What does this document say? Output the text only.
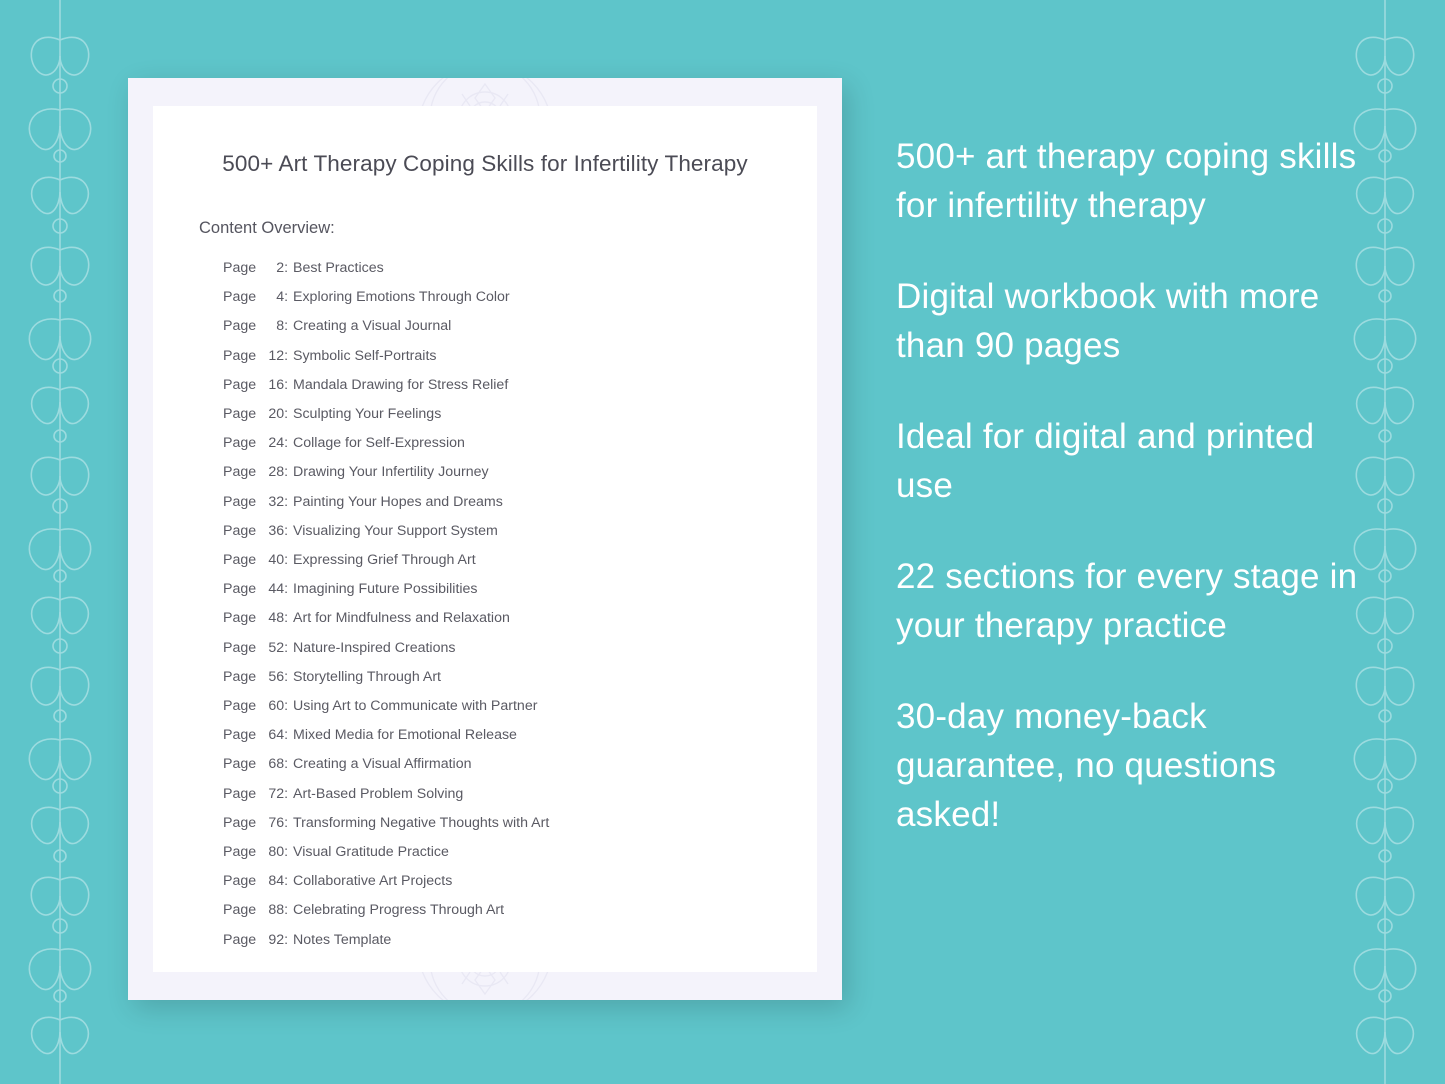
500+ Art Therapy Coping Skills for Infertility Therapy
Content Overview:
Page 2: Best Practices
Page 4: Exploring Emotions Through Color
Page 8: Creating a Visual Journal
Page 12: Symbolic Self-Portraits
Page 16: Mandala Drawing for Stress Relief
Page 20: Sculpting Your Feelings
Page 24: Collage for Self-Expression
Page 28: Drawing Your Infertility Journey
Page 32: Painting Your Hopes and Dreams
Page 36: Visualizing Your Support System
Page 40: Expressing Grief Through Art
Page 44: Imagining Future Possibilities
Page 48: Art for Mindfulness and Relaxation
Page 52: Nature-Inspired Creations
Page 56: Storytelling Through Art
Page 60: Using Art to Communicate with Partner
Page 64: Mixed Media for Emotional Release
Page 68: Creating a Visual Affirmation
Page 72: Art-Based Problem Solving
Page 76: Transforming Negative Thoughts with Art
Page 80: Visual Gratitude Practice
Page 84: Collaborative Art Projects
Page 88: Celebrating Progress Through Art
Page 92: Notes Template

500+ art therapy coping skills for infertility therapy

Digital workbook with more than 90 pages

Ideal for digital and printed use

22 sections for every stage in your therapy practice

30-day money-back guarantee, no questions asked!
